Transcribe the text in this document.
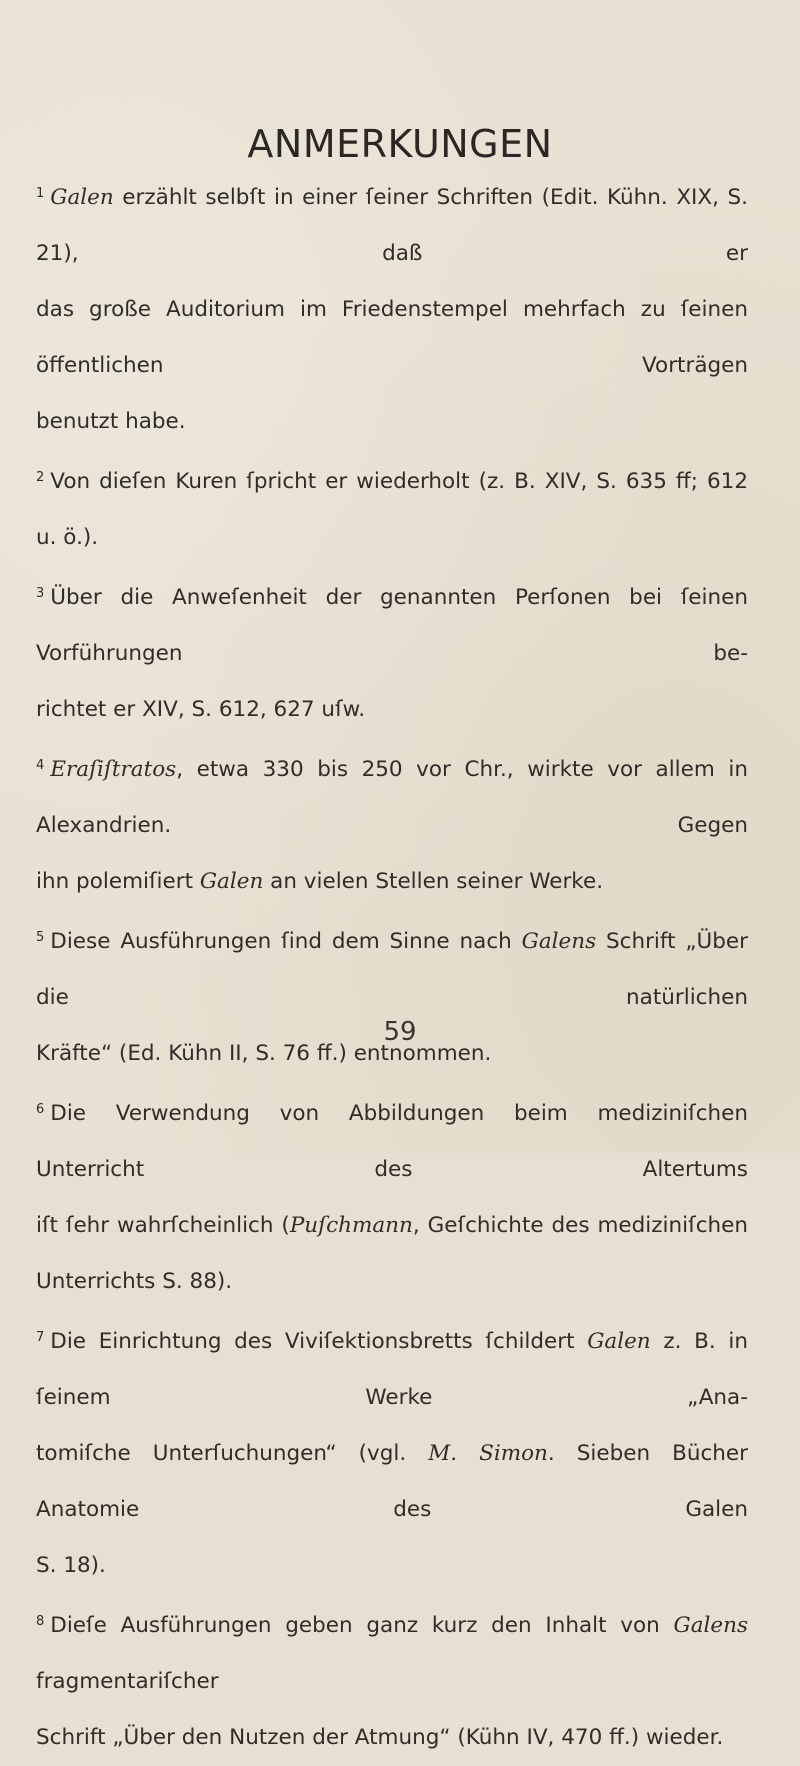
ANMERKUNGEN
$^1$ Galen erzählt selbſt in einer ſeiner Schriften (Edit. Kühn. XIX, S. 21), daß er
das große Auditorium im Friedenstempel mehrfach zu ſeinen öffentlichen Vorträgen
benutzt habe.
$^2$ Von dieſen Kuren ſpricht er wiederholt (z. B. XIV, S. 635 ff; 612 u. ö.).
$^3$ Über die Anweſenheit der genannten Perſonen bei ſeinen Vorführungen be-
richtet er XIV, S. 612, 627 uſw.
$^4$ Eraſiſtratos, etwa 330 bis 250 vor Chr., wirkte vor allem in Alexandrien. Gegen
ihn polemiſiert Galen an vielen Stellen seiner Werke.
$^5$ Diese Ausführungen ſind dem Sinne nach Galens Schrift „Über die natürlichen
Kräfte“ (Ed. Kühn II, S. 76 ff.) entnommen.
$^6$ Die Verwendung von Abbildungen beim mediziniſchen Unterricht des Altertums
iſt ſehr wahrſcheinlich (Puſchmann, Geſchichte des mediziniſchen Unterrichts S. 88).
$^7$ Die Einrichtung des Viviſektionsbretts ſchildert Galen z. B. in ſeinem Werke „Ana-
tomiſche Unterſuchungen“ (vgl. M. Simon. Sieben Bücher Anatomie des Galen
S. 18).
$^8$ Dieſe Ausführungen geben ganz kurz den Inhalt von Galens fragmentariſcher
Schrift „Über den Nutzen der Atmung“ (Kühn IV, 470 ff.) wieder.
59
